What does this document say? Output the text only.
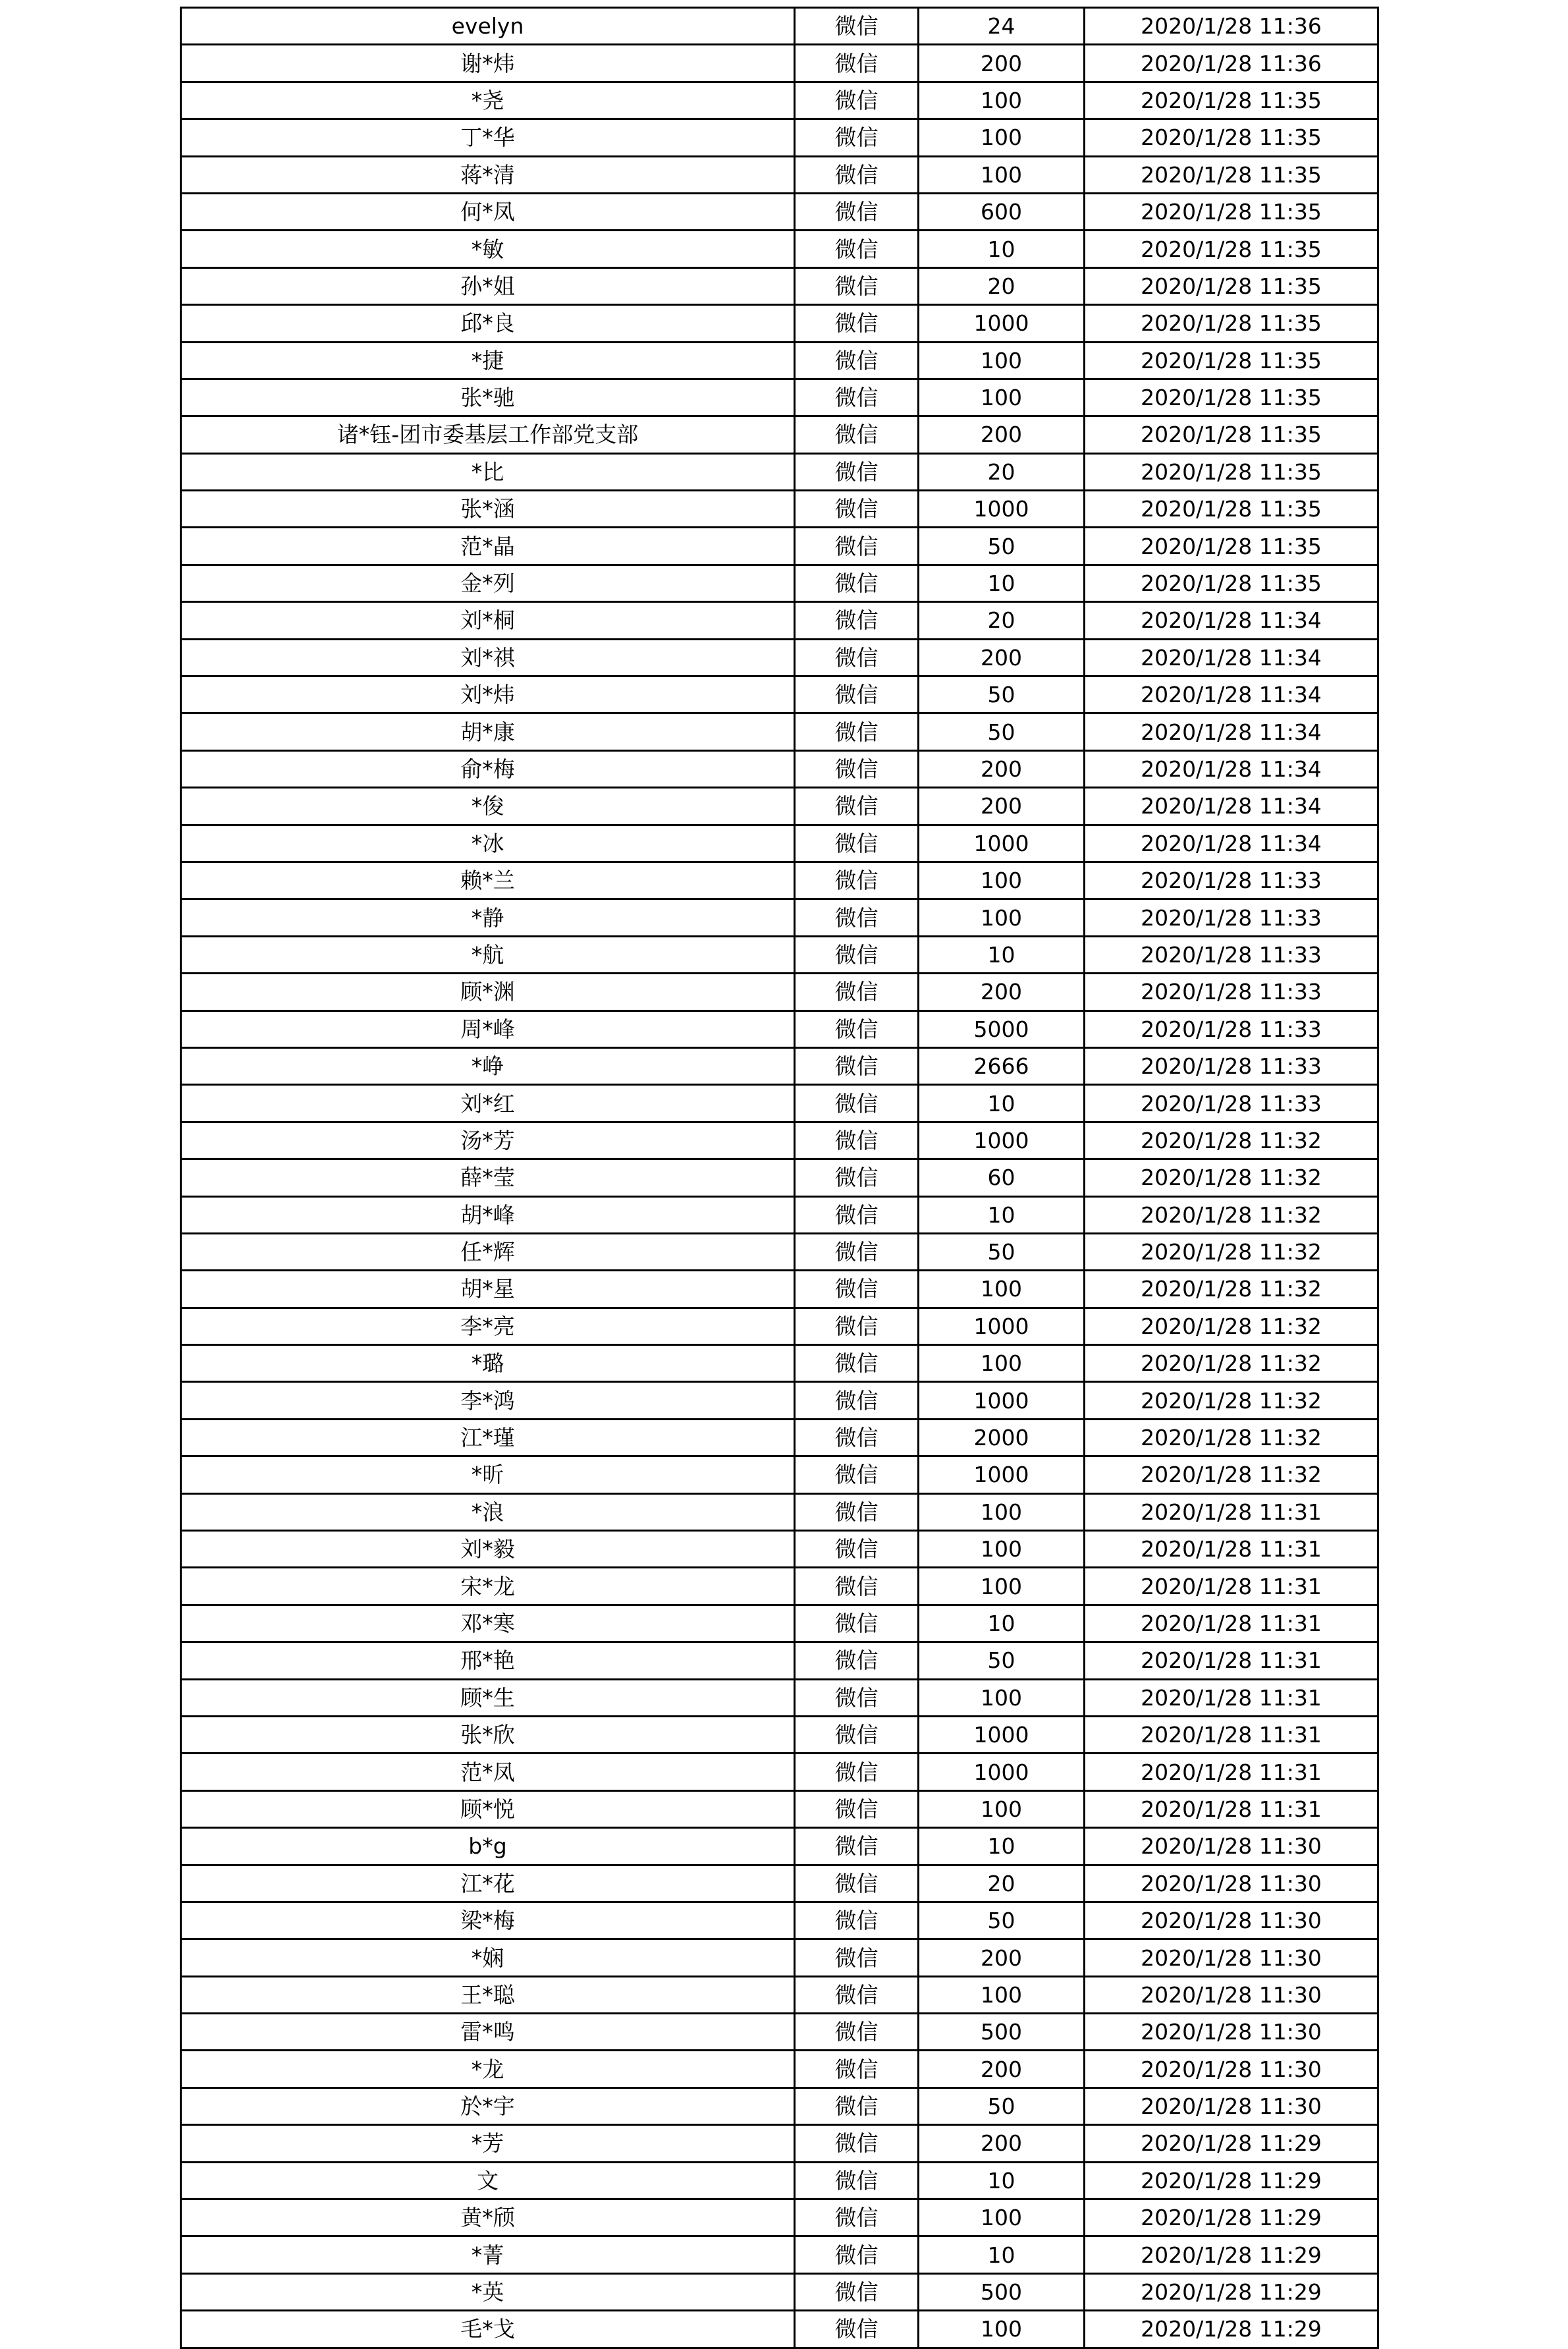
evelyn	微信	24	2020/1/28 11:36
谢*炜	微信	200	2020/1/28 11:36
*尧	微信	100	2020/1/28 11:35
丁*华	微信	100	2020/1/28 11:35
蒋*清	微信	100	2020/1/28 11:35
何*凤	微信	600	2020/1/28 11:35
*敏	微信	10	2020/1/28 11:35
孙*姐	微信	20	2020/1/28 11:35
邱*良	微信	1000	2020/1/28 11:35
*捷	微信	100	2020/1/28 11:35
张*驰	微信	100	2020/1/28 11:35
诸*钰-团市委基层工作部党支部	微信	200	2020/1/28 11:35
*比	微信	20	2020/1/28 11:35
张*涵	微信	1000	2020/1/28 11:35
范*晶	微信	50	2020/1/28 11:35
金*列	微信	10	2020/1/28 11:35
刘*桐	微信	20	2020/1/28 11:34
刘*祺	微信	200	2020/1/28 11:34
刘*炜	微信	50	2020/1/28 11:34
胡*康	微信	50	2020/1/28 11:34
俞*梅	微信	200	2020/1/28 11:34
*俊	微信	200	2020/1/28 11:34
*冰	微信	1000	2020/1/28 11:34
赖*兰	微信	100	2020/1/28 11:33
*静	微信	100	2020/1/28 11:33
*航	微信	10	2020/1/28 11:33
顾*渊	微信	200	2020/1/28 11:33
周*峰	微信	5000	2020/1/28 11:33
*峥	微信	2666	2020/1/28 11:33
刘*红	微信	10	2020/1/28 11:33
汤*芳	微信	1000	2020/1/28 11:32
薛*莹	微信	60	2020/1/28 11:32
胡*峰	微信	10	2020/1/28 11:32
任*辉	微信	50	2020/1/28 11:32
胡*星	微信	100	2020/1/28 11:32
李*亮	微信	1000	2020/1/28 11:32
*璐	微信	100	2020/1/28 11:32
李*鸿	微信	1000	2020/1/28 11:32
江*瑾	微信	2000	2020/1/28 11:32
*昕	微信	1000	2020/1/28 11:32
*浪	微信	100	2020/1/28 11:31
刘*毅	微信	100	2020/1/28 11:31
宋*龙	微信	100	2020/1/28 11:31
邓*寒	微信	10	2020/1/28 11:31
邢*艳	微信	50	2020/1/28 11:31
顾*生	微信	100	2020/1/28 11:31
张*欣	微信	1000	2020/1/28 11:31
范*凤	微信	1000	2020/1/28 11:31
顾*悦	微信	100	2020/1/28 11:31
b*g	微信	10	2020/1/28 11:30
江*花	微信	20	2020/1/28 11:30
梁*梅	微信	50	2020/1/28 11:30
*娴	微信	200	2020/1/28 11:30
王*聪	微信	100	2020/1/28 11:30
雷*鸣	微信	500	2020/1/28 11:30
*龙	微信	200	2020/1/28 11:30
於*宇	微信	50	2020/1/28 11:30
*芳	微信	200	2020/1/28 11:29
文	微信	10	2020/1/28 11:29
黄*颀	微信	100	2020/1/28 11:29
*菁	微信	10	2020/1/28 11:29
*英	微信	500	2020/1/28 11:29
毛*戈	微信	100	2020/1/28 11:29
